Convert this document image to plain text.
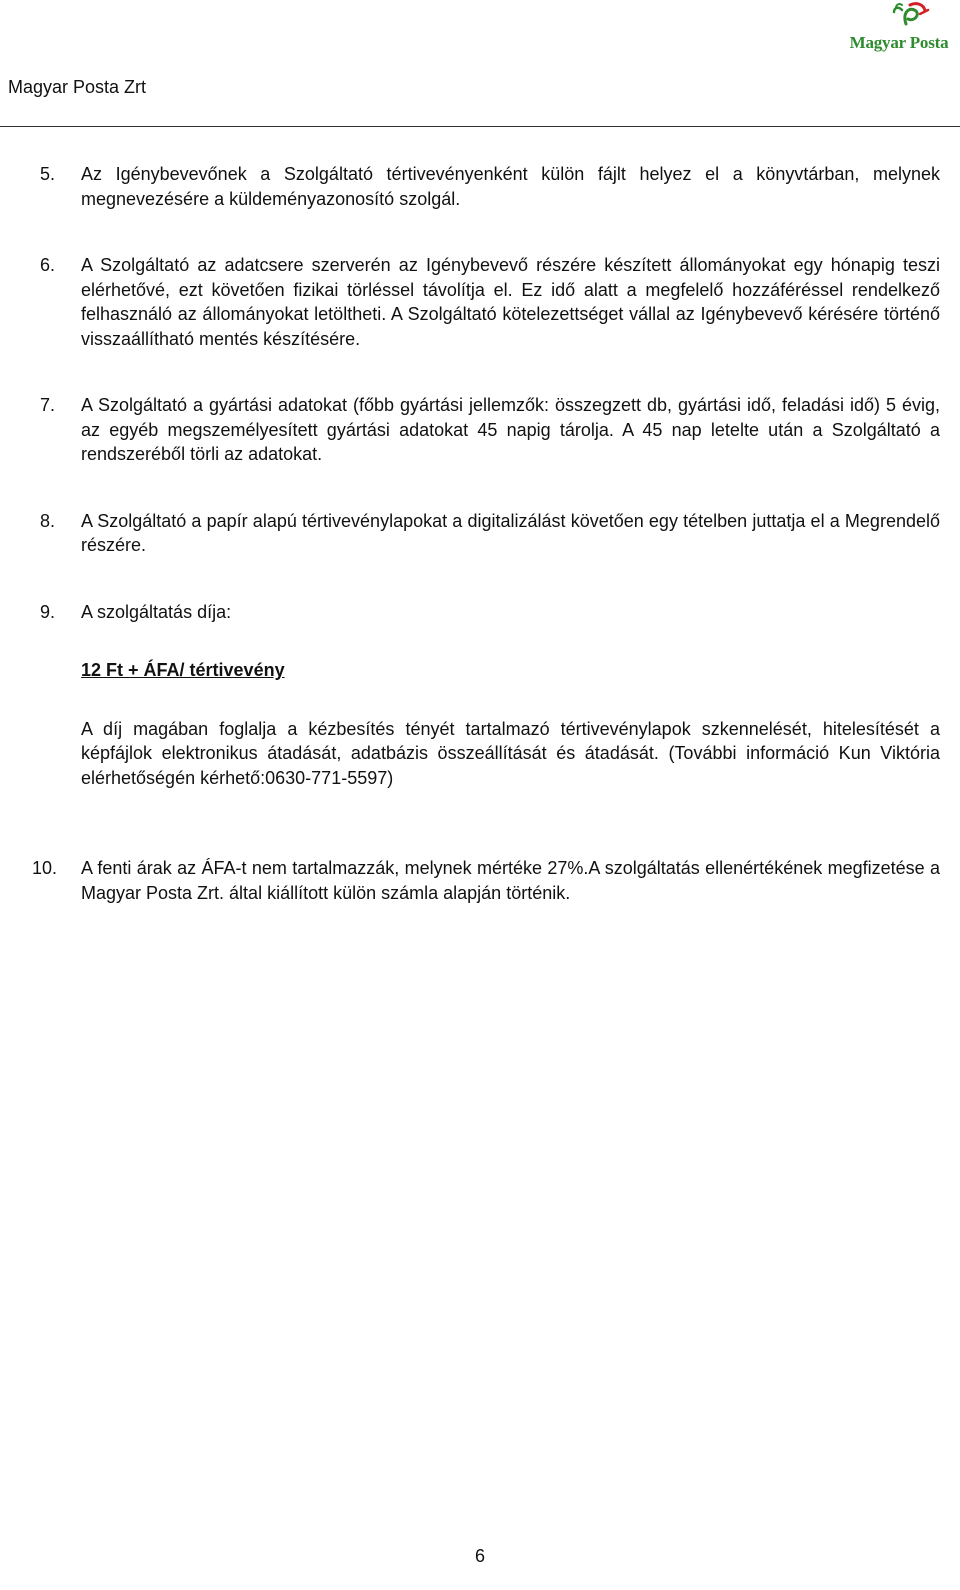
Magyar Posta Zrt
Magyar Posta
5.	Az Igénybevevőnek a Szolgáltató tértivevényenként külön fájlt helyez el a könyvtárban, melynek megnevezésére a küldeményazonosító szolgál.

6.	A Szolgáltató az adatcsere szerverén az Igénybevevő részére készített állományokat egy hónapig teszi elérhetővé, ezt követően fizikai törléssel távolítja el. Ez idő alatt a megfelelő hozzáféréssel rendelkező felhasználó az állományokat letöltheti. A Szolgáltató kötelezettséget vállal az Igénybevevő kérésére történő visszaállítható mentés készítésére.

7.	A Szolgáltató a gyártási adatokat (főbb gyártási jellemzők: összegzett db, gyártási idő, feladási idő) 5 évig, az egyéb megszemélyesített gyártási adatokat 45 napig tárolja. A 45 nap letelte után a Szolgáltató a rendszeréből törli az adatokat.

8.	A Szolgáltató a papír alapú tértivevénylapokat a digitalizálást követően egy tételben juttatja el a Megrendelő részére.

9.	A szolgáltatás díja:

12 Ft + ÁFA/ tértivevény

A díj magában foglalja a kézbesítés tényét tartalmazó tértivevénylapok szkennelését, hitelesítését a képfájlok elektronikus átadását, adatbázis összeállítását és átadását. (További információ Kun Viktória elérhetőségén kérhető:0630-771-5597)

10.	A fenti árak az ÁFA-t nem tartalmazzák, melynek mértéke 27%.A szolgáltatás ellenértékének megfizetése a Magyar Posta Zrt. által kiállított külön számla alapján történik.

6
